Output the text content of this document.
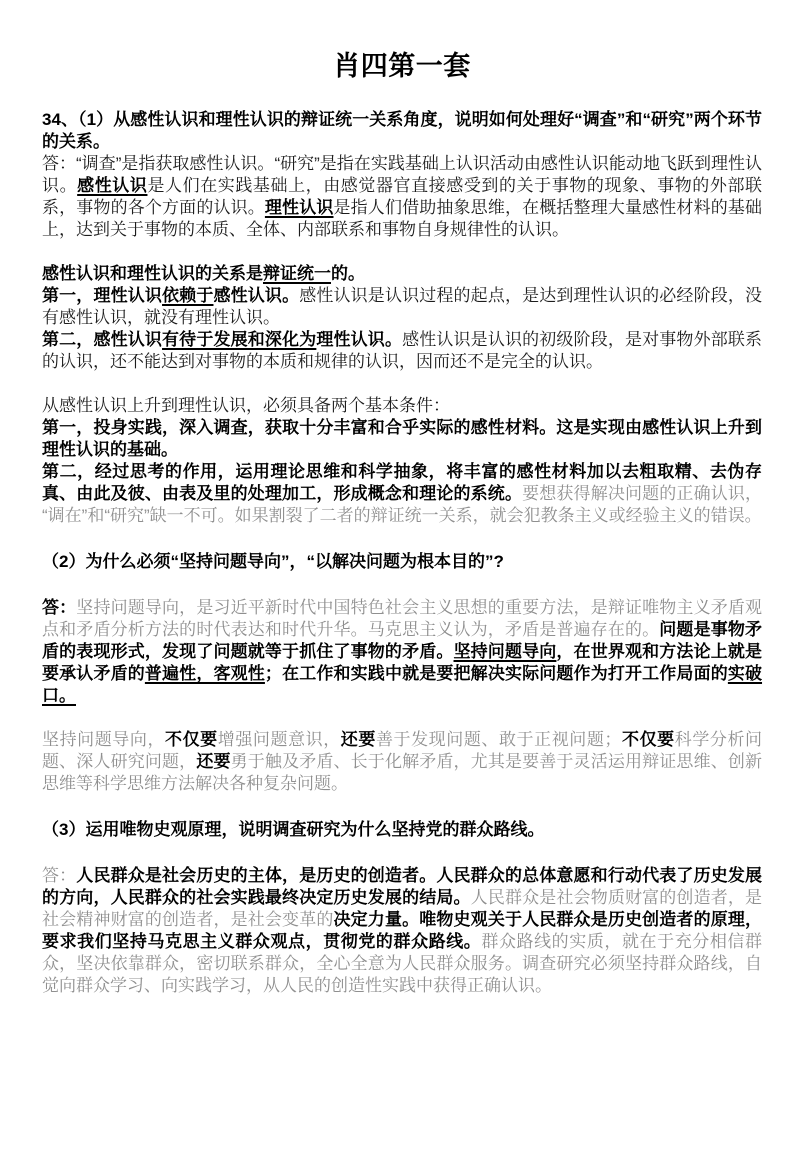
肖四第一套

34、（1）从感性认识和理性认识的辩证统一关系角度，说明如何处理好“调查”和“研究”两个环节的关系。

答：“调查”是指获取感性认识。“研究”是指在实践基础上认识活动由感性认识能动地飞跃到理性认识。感性认识是人们在实践基础上，由感觉器官直接感受到的关于事物的现象、事物的外部联系，事物的各个方面的认识。理性认识是指人们借助抽象思维，在概括整理大量感性材料的基础上，达到关于事物的本质、全体、内部联系和事物自身规律性的认识。

感性认识和理性认识的关系是辩证统一的。

第一，理性认识依赖于感性认识。感性认识是认识过程的起点，是达到理性认识的必经阶段，没有感性认识，就没有理性认识。

第二，感性认识有待于发展和深化为理性认识。感性认识是认识的初级阶段，是对事物外部联系的认识，还不能达到对事物的本质和规律的认识，因而还不是完全的认识。

从感性认识上升到理性认识，必须具备两个基本条件：

第一，投身实践，深入调查，获取十分丰富和合乎实际的感性材料。这是实现由感性认识上升到理性认识的基础。

第二，经过思考的作用，运用理论思维和科学抽象，将丰富的感性材料加以去粗取精、去伪存真、由此及彼、由表及里的处理加工，形成概念和理论的系统。要想获得解决问题的正确认识，“调在”和“研究”缺一不可。如果割裂了二者的辩证统一关系，就会犯教条主义或经验主义的错误。

（2）为什么必须“坚持问题导向”，“以解决问题为根本目的”?

答：坚持问题导向，是习近平新时代中国特色社会主义思想的重要方法，是辩证唯物主义矛盾观点和矛盾分析方法的时代表达和时代升华。马克思主义认为，矛盾是普遍存在的。问题是事物矛盾的表现形式，发现了问题就等于抓住了事物的矛盾。坚持问题导向，在世界观和方法论上就是要承认矛盾的普遍性，客观性；在工作和实践中就是要把解决实际问题作为打开工作局面的实破口。

坚持问题导向，不仅要增强问题意识，还要善于发现问题、敢于正视问题；不仅要科学分析问题、深人研究问题，还要勇于触及矛盾、长于化解矛盾，尤其是要善于灵活运用辩证思维、创新思维等科学思维方法解决各种复杂问题。

（3）运用唯物史观原理，说明调查研究为什么坚持党的群众路线。

答：人民群众是社会历史的主体，是历史的创造者。人民群众的总体意愿和行动代表了历史发展的方向，人民群众的社会实践最终决定历史发展的结局。人民群众是社会物质财富的创造者，是社会精神财富的创造者，是社会变革的决定力量。唯物史观关于人民群众是历史创造者的原理，要求我们坚持马克思主义群众观点，贯彻党的群众路线。群众路线的实质，就在于充分相信群众，坚决依靠群众，密切联系群众，全心全意为人民群众服务。调查研究必须坚持群众路线，自觉向群众学习、向实践学习，从人民的创造性实践中获得正确认识。
